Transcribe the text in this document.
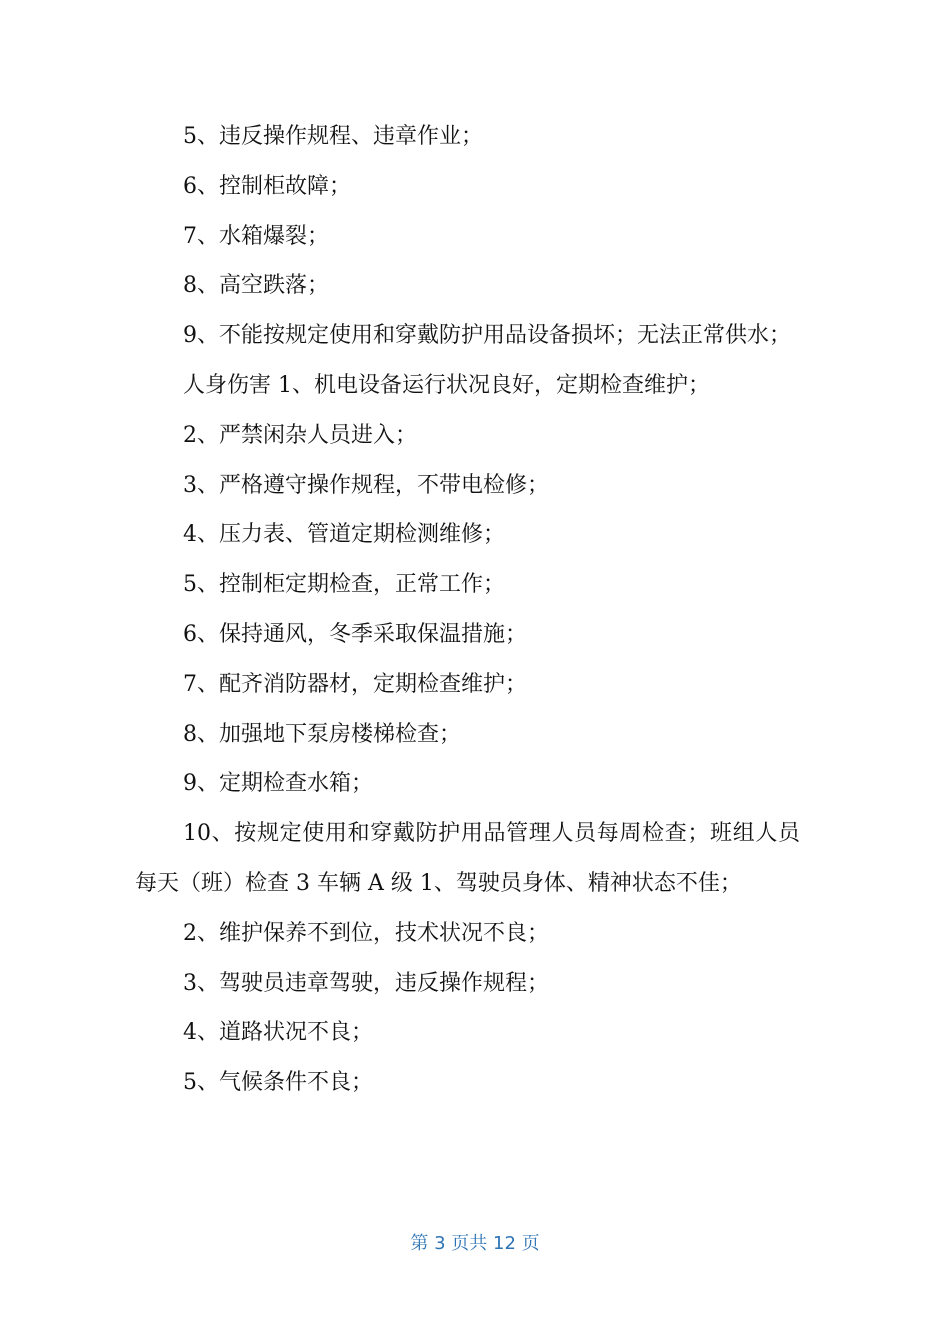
5、违反操作规程、违章作业；

6、控制柜故障；

7、水箱爆裂；

8、高空跌落；

9、不能按规定使用和穿戴防护用品设备损坏；无法正常供水；

人身伤害 1、机电设备运行状况良好，定期检查维护；

2、严禁闲杂人员进入；

3、严格遵守操作规程，不带电检修；

4、压力表、管道定期检测维修；

5、控制柜定期检查，正常工作；

6、保持通风，冬季采取保温措施；

7、配齐消防器材，定期检查维护；

8、加强地下泵房楼梯检查；

9、定期检查水箱；

10、按规定使用和穿戴防护用品管理人员每周检查；班组人员每天（班）检查 3 车辆 A 级 1、驾驶员身体、精神状态不佳；

2、维护保养不到位，技术状况不良；

3、驾驶员违章驾驶，违反操作规程；

4、道路状况不良；

5、气候条件不良；

第 3 页共 12 页
